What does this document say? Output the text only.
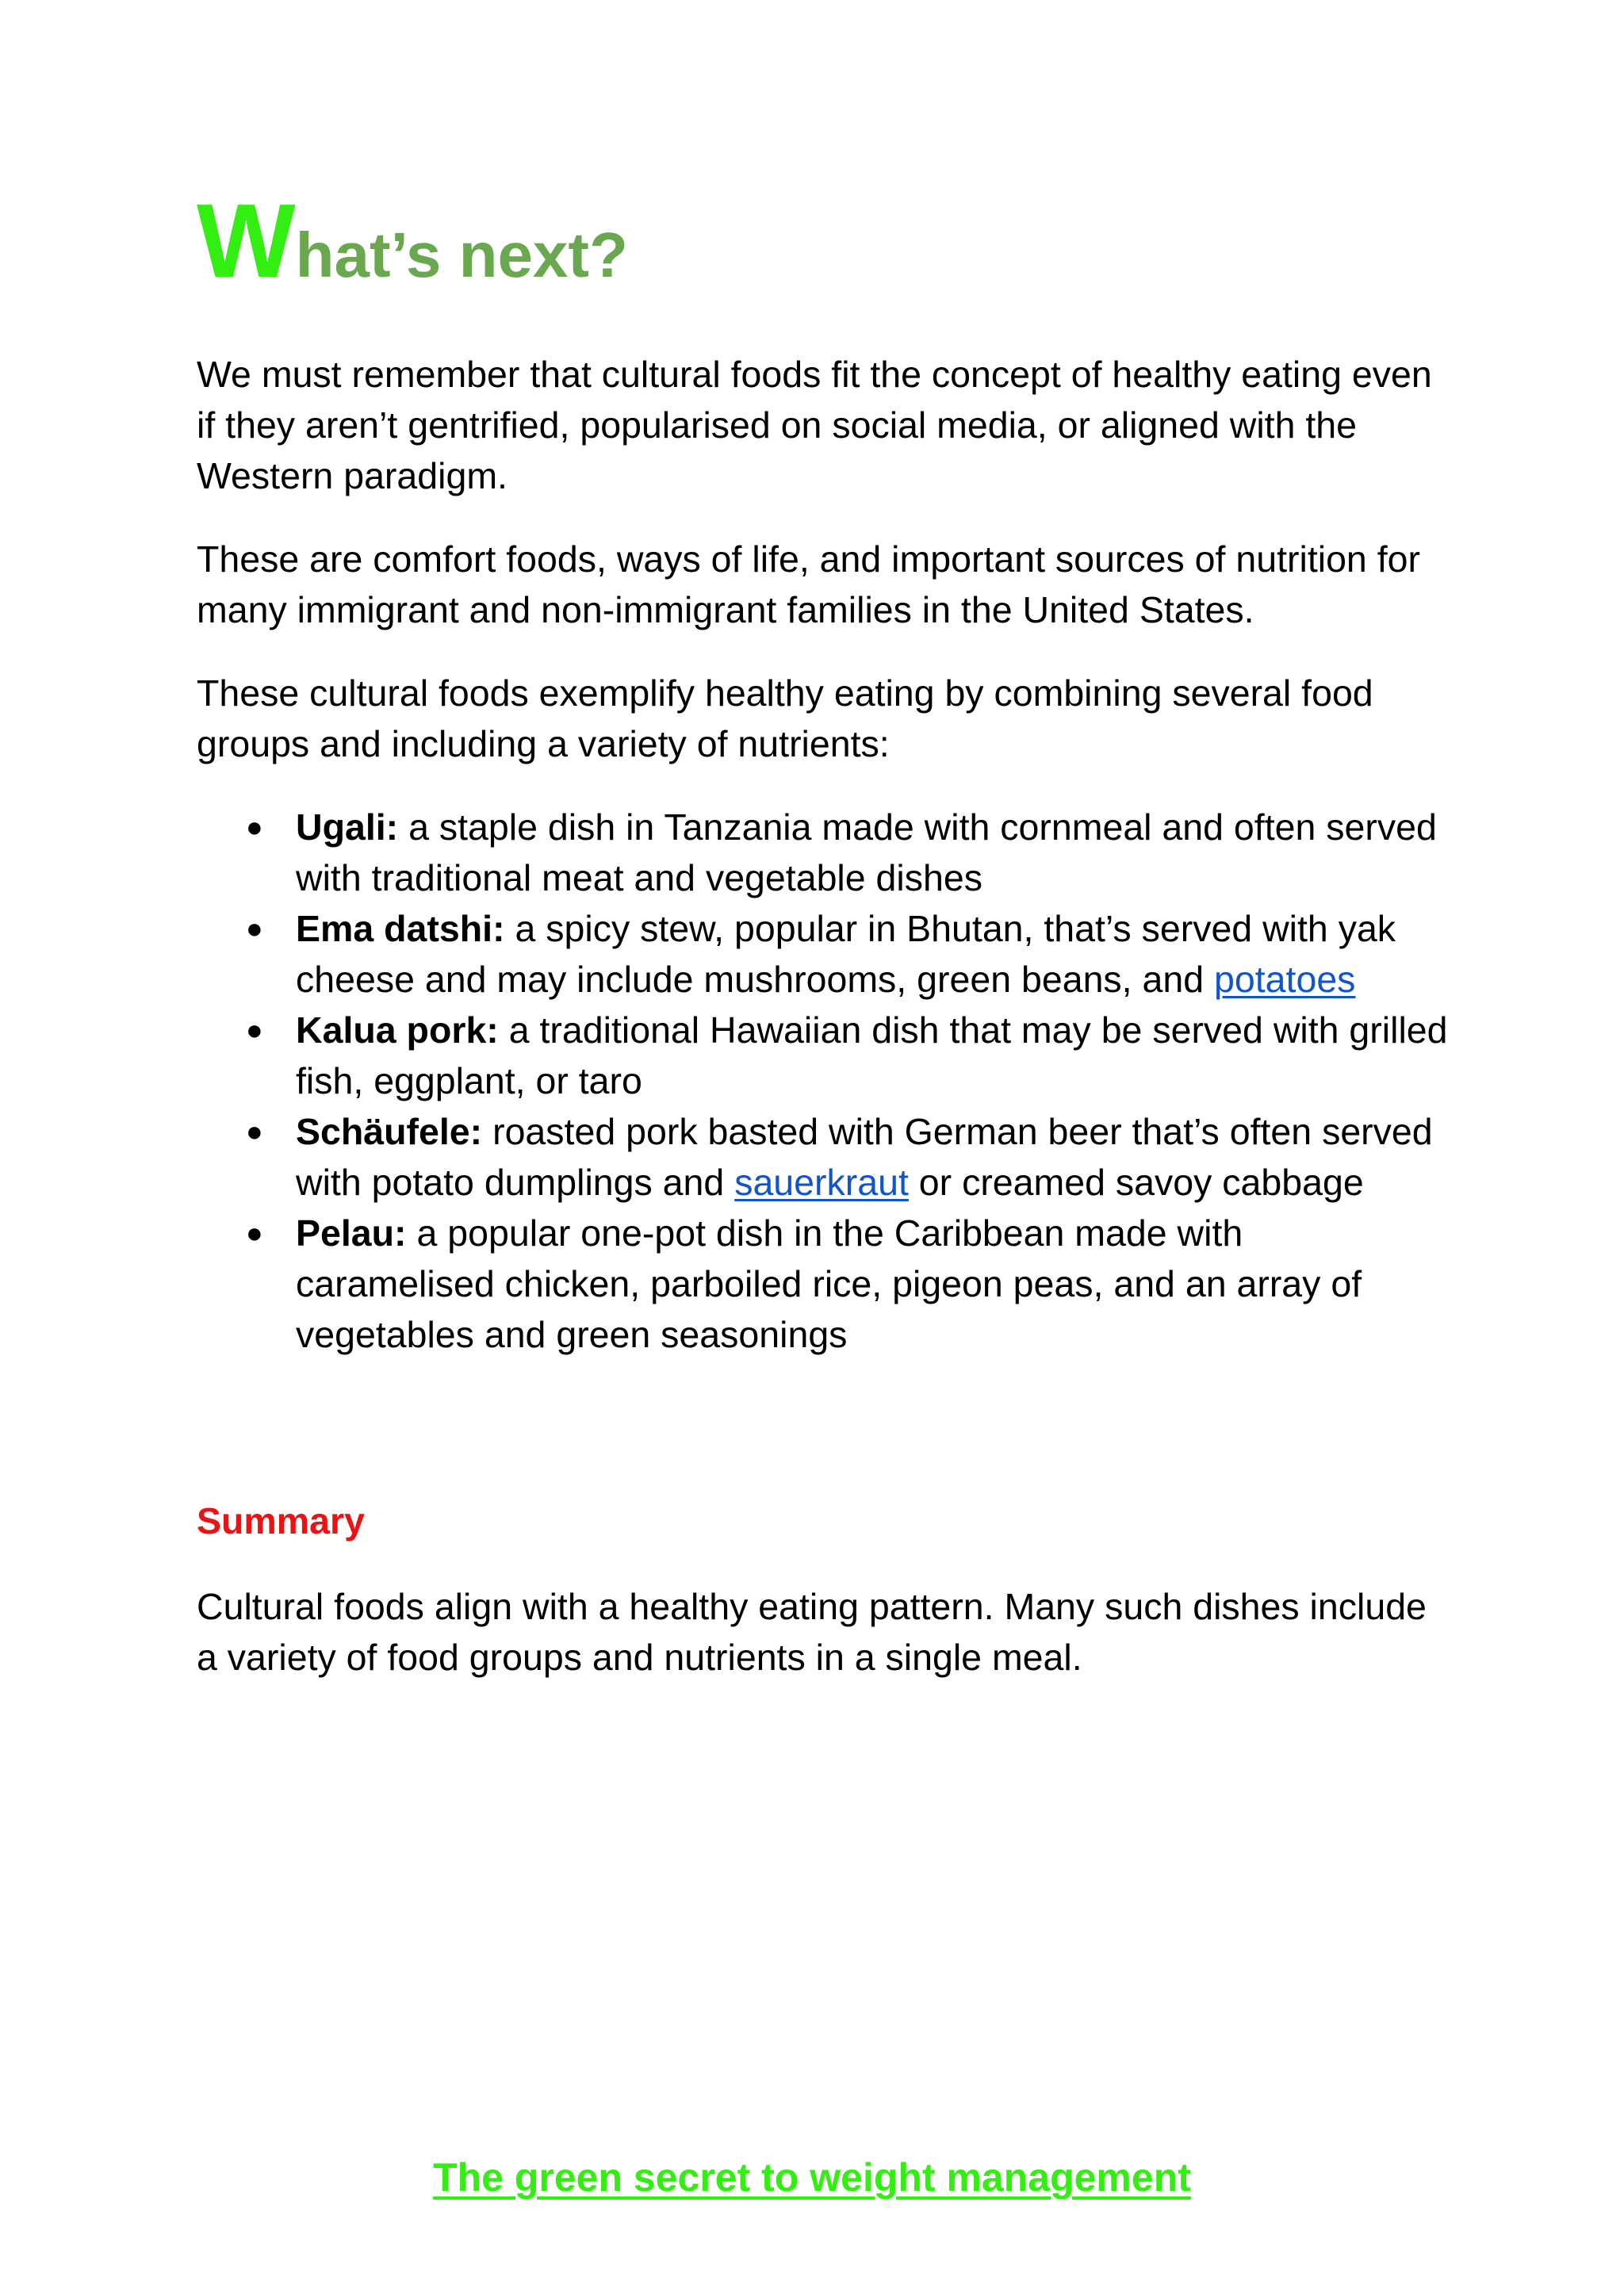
What’s next?

We must remember that cultural foods fit the concept of healthy eating even if they aren’t gentrified, popularised on social media, or aligned with the Western paradigm.

These are comfort foods, ways of life, and important sources of nutrition for many immigrant and non-immigrant families in the United States.

These cultural foods exemplify healthy eating by combining several food groups and including a variety of nutrients:

● Ugali: a staple dish in Tanzania made with cornmeal and often served with traditional meat and vegetable dishes
● Ema datshi: a spicy stew, popular in Bhutan, that’s served with yak cheese and may include mushrooms, green beans, and potatoes
● Kalua pork: a traditional Hawaiian dish that may be served with grilled fish, eggplant, or taro
● Schäufele: roasted pork basted with German beer that’s often served with potato dumplings and sauerkraut or creamed savoy cabbage
● Pelau: a popular one-pot dish in the Caribbean made with caramelised chicken, parboiled rice, pigeon peas, and an array of vegetables and green seasonings
Summary

Cultural foods align with a healthy eating pattern. Many such dishes include a variety of food groups and nutrients in a single meal.

The green secret to weight management
